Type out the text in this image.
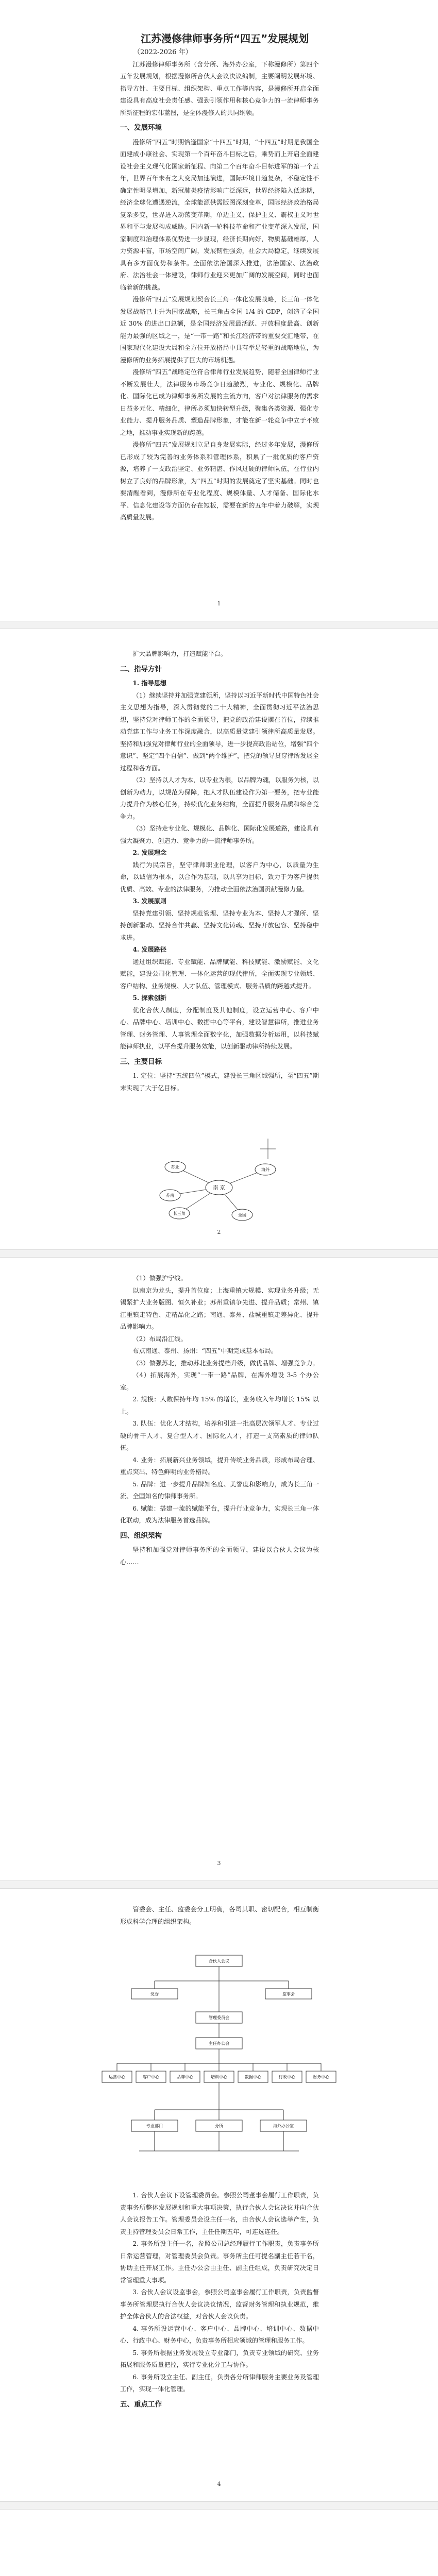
江苏漫修律师事务所“四五”发展规划

（2022-2026 年）

江苏漫修律师事务所（含分所、海外办公室，下称漫修所）第四个五年发展规划，根据漫修所合伙人会议决议编制，主要阐明发展环境、指导方针、主要目标、组织架构、重点工作等内容，是漫修所开启全面建设具有高度社会责任感、强劲引领作用和核心竞争力的一流律师事务所新征程的宏伟蓝图，是全体漫修人的共同纲领。

一、发展环境

漫修所“四五”时期恰逢国家“十四五”时期，“十四五”时期是我国全面建成小康社会、实现第一个百年奋斗目标之后，乘势而上开启全面建设社会主义现代化国家新征程、向第二个百年奋斗目标进军的第一个五年，世界百年未有之大变局加速演进，国际环境日趋复杂，不稳定性不确定性明显增加，新冠肺炎疫情影响广泛深远，世界经济陷入低迷期，经济全球化遭遇逆流，全球能源供需版图深刻变革，国际经济政治格局复杂多变，世界进入动荡变革期，单边主义、保护主义、霸权主义对世界和平与发展构成威胁。国内新一轮科技革命和产业变革深入发展，国家制度和治理体系优势进一步显现，经济长期向好，物质基础雄厚，人力资源丰富，市场空间广阔，发展韧性强劲，社会大局稳定，继续发展具有多方面优势和条件。全面依法治国深入推进，法治国家、法治政府、法治社会一体建设，律师行业迎来更加广阔的发展空间，同时也面临着新的挑战。

漫修所“四五”发展规划契合长三角一体化发展战略，长三角一体化发展战略已上升为国家战略，长三角占全国 1/4 的 GDP，创造了全国近 30% 的进出口总额，是全国经济发展最活跃、开放程度最高、创新能力最强的区域之一，是“一带一路”和长江经济带的重要交汇地带，在国家现代化建设大局和全方位开放格局中具有举足轻重的战略地位，为漫修所的业务拓展提供了巨大的市场机遇。

漫修所“四五”战略定位符合律师行业发展趋势，随着全国律师行业不断发展壮大，法律服务市场竞争日趋激烈，专业化、规模化、品牌化、国际化已成为律师事务所发展的主流方向，客户对法律服务的需求日益多元化、精细化，律所必须加快转型升级，聚集各类资源、强化专业能力、提升服务品质、塑造品牌形象，才能在新一轮竞争中立于不败之地，推动事业实现新的跨越。

漫修所“四五”发展规划立足自身发展实际，经过多年发展，漫修所已形成了较为完善的业务体系和管理体系，积累了一批优质的客户资源，培养了一支政治坚定、业务精湛、作风过硬的律师队伍，在行业内树立了良好的品牌形象，为“四五”时期的发展奠定了坚实基础。同时也要清醒看到，漫修所在专业化程度、规模体量、人才储备、国际化水平、信息化建设等方面仍存在短板，需要在新的五年中着力破解，实现高质量发展。

1

扩大品牌影响力，打造赋能平台。

二、指导方针

1. 指导思想

（1）继续坚持并加强党建领所，坚持以习近平新时代中国特色社会主义思想为指导，深入贯彻党的二十大精神，全面贯彻习近平法治思想，坚持党对律师工作的全面领导，把党的政治建设摆在首位，持续推动党建工作与业务工作深度融合，以高质量党建引领律所高质量发展。坚持和加强党对律师行业的全面领导，进一步提高政治站位，增强“四个意识”、坚定“四个自信”、做到“两个维护”，把党的领导贯穿律所发展全过程和各方面。

（2）坚持以人才为本，以专业为根，以品牌为魂，以服务为核，以创新为动力，以规范为保障，把人才队伍建设作为第一要务，把专业能力提升作为核心任务，持续优化业务结构，全面提升服务品质和综合竞争力。

（3）坚持走专业化、规模化、品牌化、国际化发展道路，建设具有强大凝聚力、创造力、竞争力的一流律师事务所。

2. 发展理念

践行为民宗旨，坚守律师职业伦理，以客户为中心，以质量为生命，以诚信为根本，以合作为基础，以共享为目标，致力于为客户提供优质、高效、专业的法律服务，为推动全面依法治国贡献漫修力量。

3. 发展原则

坚持党建引领、坚持规范管理、坚持专业为本、坚持人才强所、坚持创新驱动、坚持合作共赢、坚持文化铸魂、坚持开放包容、坚持稳中求进。

4. 发展路径

通过组织赋能、专业赋能、品牌赋能、科技赋能、激励赋能、文化赋能，建设公司化管理、一体化运营的现代律所，全面实现专业领域、客户结构、业务规模、人才队伍、管理模式、服务品质的跨越式提升。

5. 探索创新

优化合伙人制度，分配制度及其他制度，设立运营中心、客户中心、品牌中心、培训中心、数据中心等平台，建设智慧律所，推进业务管理、财务管理、人事管理全面数字化，加强数据分析运用，以科技赋能律师执业，以平台提升服务效能，以创新驱动律所持续发展。

三、主要目标

1. 定位：坚持“五统四位”模式，建设长三角区域强所，至“四五”期末实现了大于亿目标。

南 京
苏北
苏南
长三角	全国
海外
2

（1）做强沪宁线。

以南京为龙头，提升首位度；上海重镇大规模、实现业务升级；无锡紧扩大业务版图、恒久补业；苏州重镇争先进、提升品质；常州、镇江重镇走特色、走精品化之路；南通、泰州、盐城重镇走差异化、提升品牌影响力。

（2）布局沿江线。

布点南通、泰州、扬州：“四五”中期完成基本布局。

（3）做强苏北，推动苏北业务提档升级，做优品牌、增强竞争力。

（4）拓展海外，实现“一带一路”品牌，在海外增设 3-5 个办公室。

2. 规模：人数保持年均 15% 的增长，业务收入年均增长 15% 以上。

3. 队伍：优化人才结构，培养和引进一批高层次领军人才、专业过硬的骨干人才、复合型人才、国际化人才，打造一支高素质的律师队伍。

4. 业务：拓展新兴业务领域，提升传统业务品质，形成布局合理、重点突出、特色鲜明的业务格局。

5. 品牌：进一步提升品牌知名度、美誉度和影响力，成为长三角一流、全国知名的律师事务所。

6. 赋能：搭建一流的赋能平台，提升行业竞争力，实现长三角一体化联动，成为法律服务首选品牌。

四、组织架构

坚持和加强党对律师事务所的全面领导，建设以合伙人会议为核心……

3

管委会、主任、监委会分工明确，各司其职、密切配合，相互制衡形成科学合理的组织架构。

合伙人会议
党委	监事会
管理委员会
主任办公会
运营中心	客户中心	品牌中心	培训中心	数据中心	行政中心	财务中心
专业部门	分所	海外办公室

1. 合伙人会议下设管理委员会。参照公司董事会履行工作职责，负责事务所整体发展规划和重大事项决策，执行合伙人会议决议并向合伙人会议报告工作。管理委员会设主任一名，由合伙人会议选举产生，负责主持管理委员会日常工作，主任任期五年，可连选连任。

2. 事务所设主任一名，参照公司总经理履行工作职责，负责事务所日常运营管理，对管理委员会负责。事务所主任可提名副主任若干名，协助主任开展工作。主任办公会由主任、副主任组成，负责研究决定日常管理重大事项。

3. 合伙人会议设监事会，参照公司监事会履行工作职责，负责监督事务所管理层执行合伙人会议决议情况，监督财务管理和执业规范，维护全体合伙人的合法权益，对合伙人会议负责。

4. 事务所设运营中心、客户中心、品牌中心、培训中心、数据中心、行政中心、财务中心，负责事务所相应领域的管理和服务工作。

5. 事务所根据业务发展设立专业部门，负责专业领域的研究、业务拓展和服务质量把控，实行专业化分工与协作。

6. 事务所设立主任、副主任，负责各分所律师服务主要业务及管理工作，实现一体化管理。

五、重点工作

4
